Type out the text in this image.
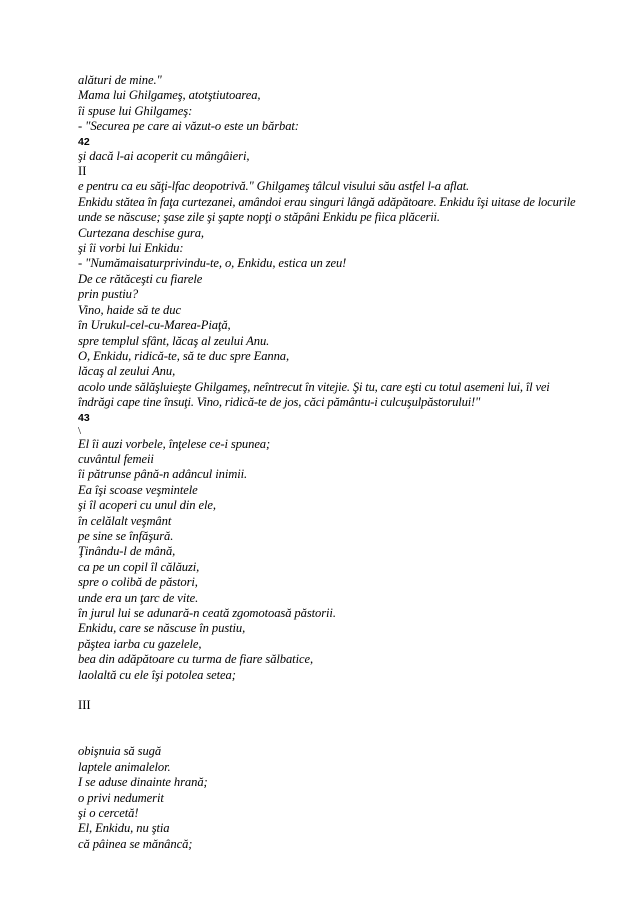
alături de mine."
Mama lui Ghilgameş, atotştiutoarea,
îi spuse lui Ghilgameş:
- "Securea pe care ai văzut-o este un bărbat:
42
şi dacă l-ai acoperit cu mângâieri,
II
e pentru ca eu săţi-lfac deopotrivă." Ghilgameş tâlcul visului său astfel l-a aflat.
Enkidu stătea în faţa curtezanei, amândoi erau singuri lângă adăpătoare. Enkidu îşi uitase de locurile unde se născuse; şase zile şi şapte nopţi o stăpâni Enkidu pe fiica plăcerii.
Curtezana deschise gura,
şi îi vorbi lui Enkidu:
- "Numămaisaturprivindu-te, o, Enkidu, estica un zeu!
De ce rătăceşti cu fiarele
prin pustiu?
Vino, haide să te duc
în Urukul-cel-cu-Marea-Piaţă,
spre templul sfânt, lăcaş al zeului Anu.
O, Enkidu, ridică-te, să te duc spre Eanna,
lăcaş al zeului Anu,
acolo unde sălăşluieşte Ghilgameş, neîntrecut în vitejie. Şi tu, care eşti cu totul asemeni lui, îl vei îndrăgi cape tine însuţi. Vino, ridică-te de jos, căci pământu-i culcuşulpăstorului!"
43
\
El îi auzi vorbele, înţelese ce-i spunea;
cuvântul femeii
îi pătrunse până-n adâncul inimii.
Ea îşi scoase veşmintele
şi îl acoperi cu unul din ele,
în celălalt veşmânt
pe sine se înfăşură.
Ţinându-l de mână,
ca pe un copil îl călăuzi,
spre o colibă de păstori,
unde era un ţarc de vite.
în jurul lui se adunară-n ceată zgomotoasă păstorii.
Enkidu, care se născuse în pustiu,
păştea iarba cu gazelele,
bea din adăpătoare cu turma de fiare sălbatice,
laolaltă cu ele îşi potolea setea;
III
obişnuia să sugă
laptele animalelor.
I se aduse dinainte hrană;
o privi nedumerit
şi o cercetă!
El, Enkidu, nu ştia
că pâinea se mănâncă;
